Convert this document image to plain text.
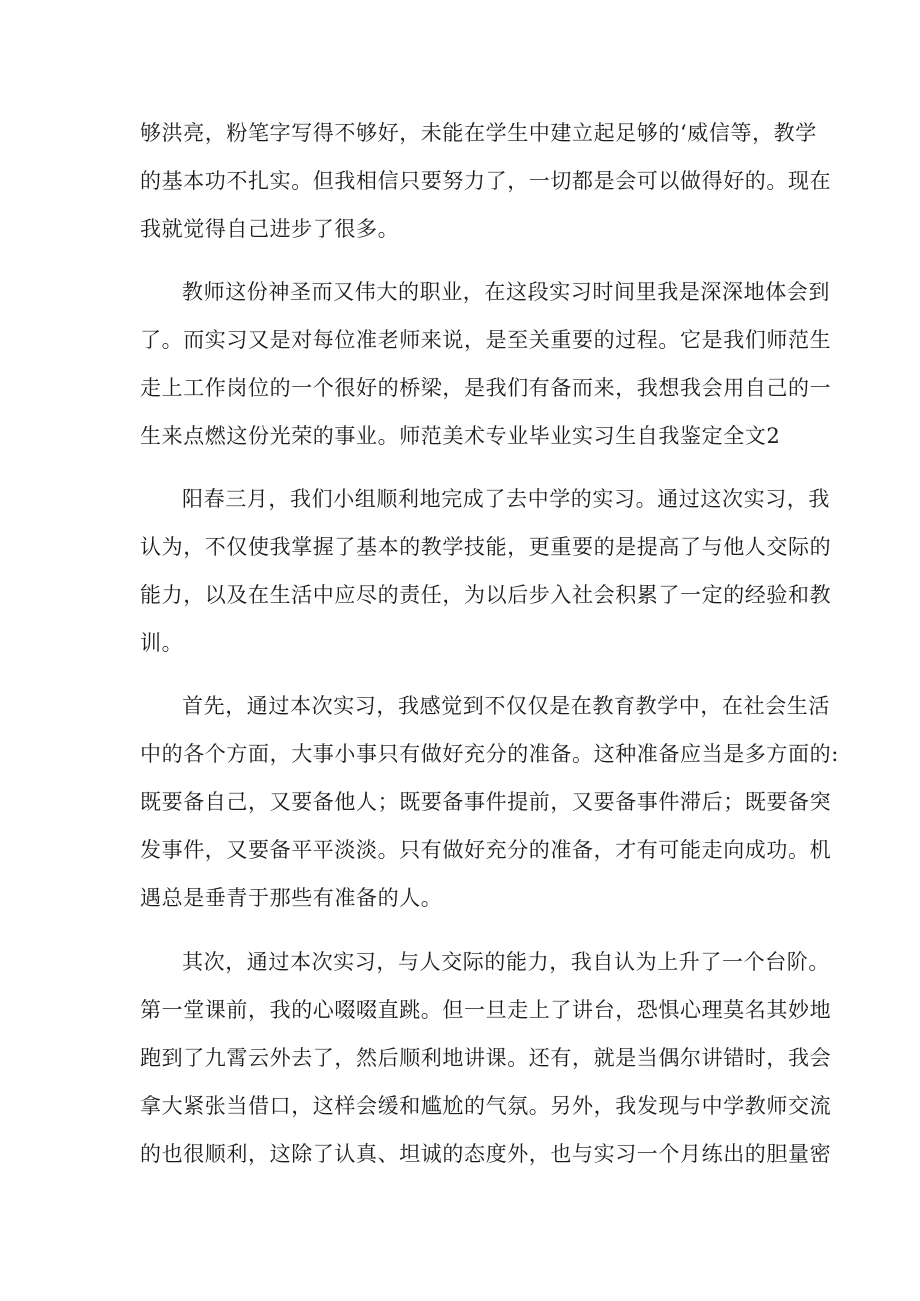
够洪亮，粉笔字写得不够好，未能在学生中建立起足够的‘威信等，教学
的基本功不扎实。但我相信只要努力了，一切都是会可以做得好的。现在
我就觉得自己进步了很多。
教师这份神圣而又伟大的职业，在这段实习时间里我是深深地体会到
了。而实习又是对每位准老师来说，是至关重要的过程。它是我们师范生
走上工作岗位的一个很好的桥梁，是我们有备而来，我想我会用自己的一
生来点燃这份光荣的事业。师范美术专业毕业实习生自我鉴定全文2
阳春三月，我们小组顺利地完成了去中学的实习。通过这次实习，我
认为，不仅使我掌握了基本的教学技能，更重要的是提高了与他人交际的
能力，以及在生活中应尽的责任，为以后步入社会积累了一定的经验和教
训。
首先，通过本次实习，我感觉到不仅仅是在教育教学中，在社会生活
中的各个方面，大事小事只有做好充分的准备。这种准备应当是多方面的:
既要备自己，又要备他人；既要备事件提前，又要备事件滞后；既要备突
发事件，又要备平平淡淡。只有做好充分的准备，才有可能走向成功。机
遇总是垂青于那些有准备的人。
其次，通过本次实习，与人交际的能力，我自认为上升了一个台阶。
第一堂课前，我的心啜啜直跳。但一旦走上了讲台，恐惧心理莫名其妙地
跑到了九霄云外去了，然后顺利地讲课。还有，就是当偶尔讲错时，我会
拿大紧张当借口，这样会缓和尴尬的气氛。另外，我发现与中学教师交流
的也很顺利，这除了认真、坦诚的态度外，也与实习一个月练出的胆量密
